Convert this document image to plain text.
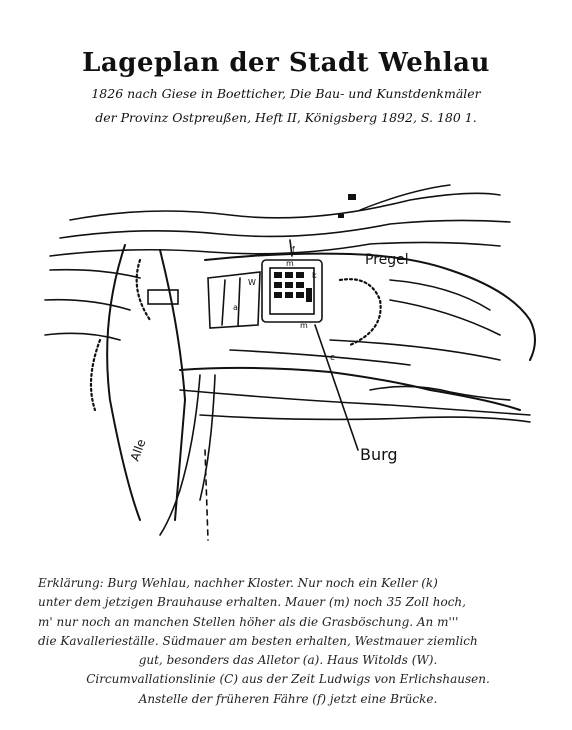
Lageplan der Stadt Wehlau
1826 nach Giese in Boetticher, Die Bau- und Kunstdenkmäler
der Provinz Ostpreußen, Heft II, Königsberg 1892, S. 180 1.
Pregel
Alle	Burg
m
W
a
k
m
c
f
Erklärung: Burg Wehlau, nachher Kloster. Nur noch ein Keller (k)
unter dem jetzigen Brauhause erhalten. Mauer (m) noch 35 Zoll hoch,
m' nur noch an manchen Stellen höher als die Grasböschung. An m'''
die Kavallerieställe. Südmauer am besten erhalten, Westmauer ziemlich
gut, besonders das Alletor (a). Haus Witolds (W).
Circumvallationslinie (C) aus der Zeit Ludwigs von Erlichshausen.
Anstelle der früheren Fähre (f) jetzt eine Brücke.
